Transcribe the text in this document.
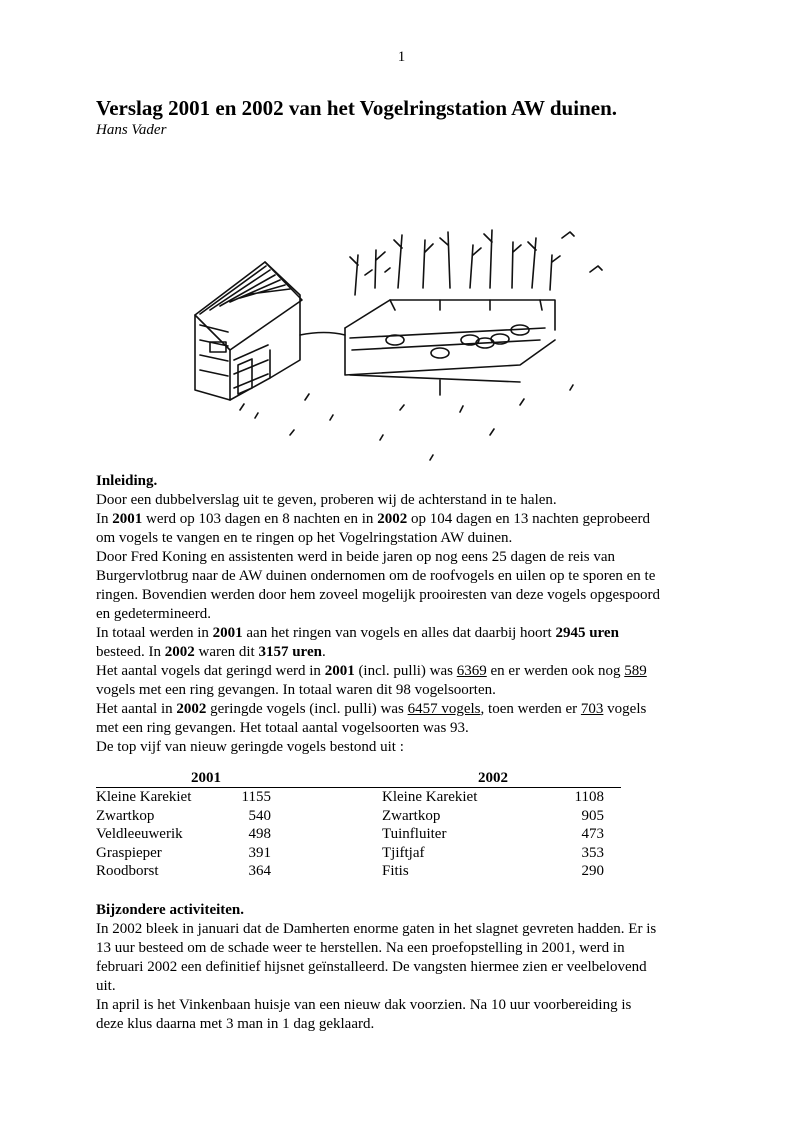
1
Verslag 2001 en 2002 van het Vogelringstation AW duinen.
Hans Vader
Inleiding.
Door een dubbelverslag uit te geven, proberen wij de achterstand in te halen.
In 2001 werd op 103 dagen en 8 nachten en in 2002 op 104 dagen en 13 nachten geprobeerd
om vogels te vangen en te ringen op het Vogelringstation AW duinen.
Door Fred Koning en assistenten werd in beide jaren op nog eens 25 dagen de reis van
Burgervlotbrug naar de AW duinen ondernomen om de roofvogels en uilen op te sporen en te
ringen. Bovendien werden door hem zoveel mogelijk prooiresten van deze vogels opgespoord
en gedetermineerd.
In totaal werden in 2001 aan het ringen van vogels en alles dat daarbij hoort 2945 uren
besteed. In 2002 waren dit 3157 uren.
Het aantal vogels dat geringd werd in 2001 (incl. pulli) was 6369 en er werden ook nog 589
vogels met een ring gevangen. In totaal waren dit 98 vogelsoorten.
Het aantal in 2002 geringde vogels (incl. pulli) was 6457 vogels, toen werden er 703 vogels
met een ring gevangen. Het totaal aantal vogelsoorten was 93.
De top vijf van nieuw geringde vogels bestond uit :
2001	2002
Kleine Karekiet	1155	Kleine Karekiet	1108
Zwartkop	540	Zwartkop	905
Veldleeuwerik	498	Tuinfluiter	473
Graspieper	391	Tjiftjaf	353
Roodborst	364	Fitis	290
Bijzondere activiteiten.
In 2002 bleek in januari dat de Damherten enorme gaten in het slagnet gevreten hadden. Er is
13 uur besteed om de schade weer te herstellen. Na een proefopstelling in 2001, werd in
februari 2002 een definitief hijsnet geïnstalleerd. De vangsten hiermee zien er veelbelovend
uit.
In april is het Vinkenbaan huisje van een nieuw dak voorzien. Na 10 uur voorbereiding is
deze klus daarna met 3 man in 1 dag geklaard.
